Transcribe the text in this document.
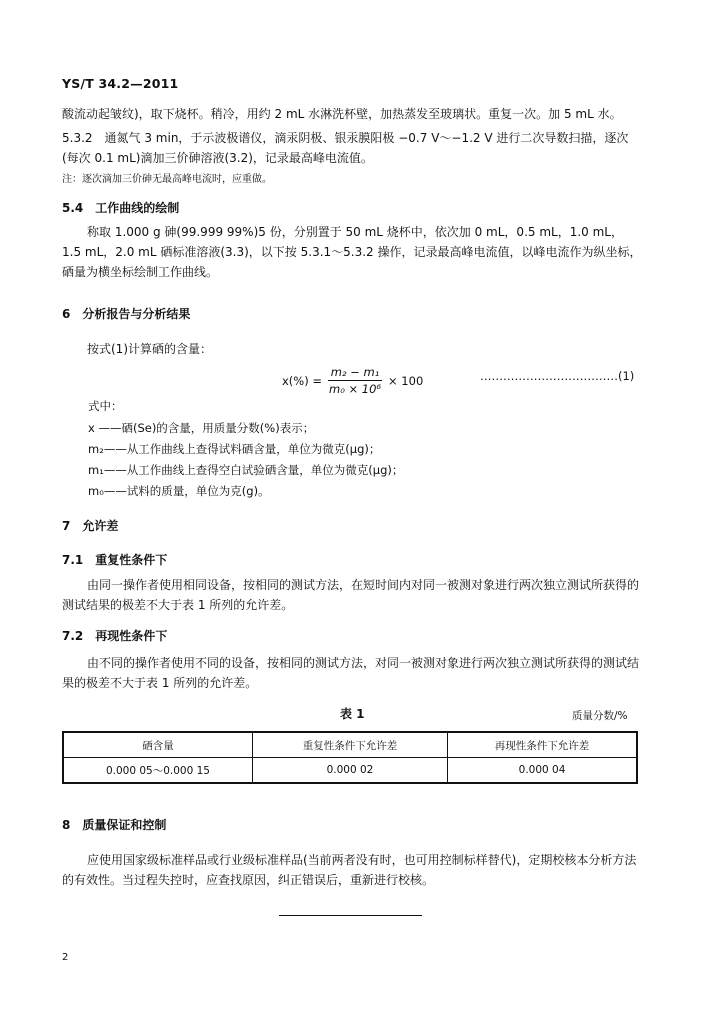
YS/T 34.2—2011
酸流动起皱纹)，取下烧杯。稍冷，用约 2 mL 水淋洗杯壁，加热蒸发至玻璃状。重复一次。加 5 mL 水。
5.3.2　通氮气 3 min，于示波极谱仪，滴汞阴极、银汞膜阳极 −0.7 V～−1.2 V 进行二次导数扫描，逐次(每次 0.1 mL)滴加三价砷溶液(3.2)，记录最高峰电流值。
注：逐次滴加三价砷无最高峰电流时，应重做。
5.4　工作曲线的绘制
称取 1.000 g 砷(99.999 99%)5 份，分别置于 50 mL 烧杯中，依次加 0 mL，0.5 mL，1.0 mL，1.5 mL，2.0 mL 硒标准溶液(3.3)，以下按 5.3.1～5.3.2 操作，记录最高峰电流值，以峰电流作为纵坐标，硒量为横坐标绘制工作曲线。
6　分析报告与分析结果
按式(1)计算硒的含量：
$x(\%) = \frac{\text{m₂ − m₁}}{\text{m₀ × 10⁶}} \times 100$	………………………………(1)
式中：
x ——硒(Se)的含量，用质量分数(%)表示；
m₂——从工作曲线上查得试料硒含量，单位为微克(μg)；
m₁——从工作曲线上查得空白试验硒含量，单位为微克(μg)；
m₀——试料的质量，单位为克(g)。
7　允许差
7.1　重复性条件下
由同一操作者使用相同设备，按相同的测试方法，在短时间内对同一被测对象进行两次独立测试所获得的测试结果的极差不大于表 1 所列的允许差。
7.2　再现性条件下
由不同的操作者使用不同的设备，按相同的测试方法，对同一被测对象进行两次独立测试所获得的测试结果的极差不大于表 1 所列的允许差。
表 1	质量分数/%
硒含量	重复性条件下允许差	再现性条件下允许差
0.000 05～0.000 15	0.000 02	0.000 04
8　质量保证和控制
应使用国家级标准样品或行业级标准样品(当前两者没有时，也可用控制标样替代)，定期校核本分析方法的有效性。当过程失控时，应查找原因，纠正错误后，重新进行校核。
2
